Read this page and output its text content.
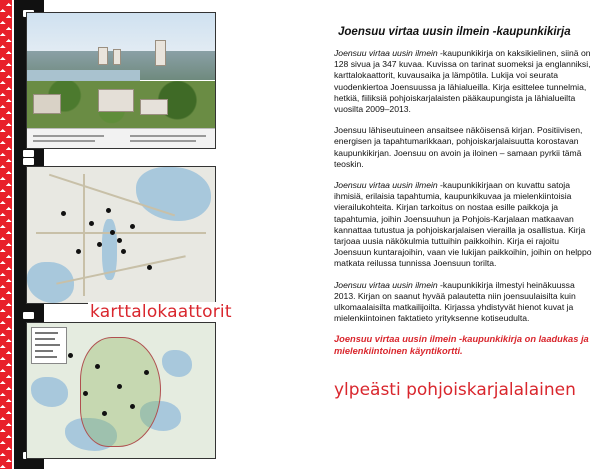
karttalokaattorit
Joensuu virtaa uusin ilmein -kaupunkikirja

Joensuu virtaa uusin ilmein -kaupunkikirja on kaksikielinen, siinä on 128 sivua ja 347 kuvaa. Kuvissa on tarinat suomeksi ja englanniksi, karttalokaattorit, kuvausaika ja lämpötila. Lukija voi seurata vuodenkiertoa Joensuussa ja lähialueilla. Kirja esittelee tunnelmia, hetkiä, fiiliksiä pohjoiskarjalaisten pääkaupungista ja lähialueilta vuosilta 2009–2013.

Joensuu lähiseutuineen ansaitsee näköisensä kirjan. Positiivisen, energisen ja tapahtumarikkaan, pohjoiskarjalaisuutta korostavan kaupunkikirjan. Joensuu on avoin ja iloinen – samaan pyrkii tämä teoskin.

Joensuu virtaa uusin ilmein -kaupunkikirjaan on kuvattu satoja ihmisiä, erilaisia tapahtumia, kaupunkikuvaa ja mielenkiintoisia vierailukohteita. Kirjan tarkoitus on nostaa esille paikkoja ja tapahtumia, joihin Joensuuhun ja Pohjois-Karjalaan matkaavan kannattaa tutustua ja pohjoiskarjalaisen vierailla ja osallistua. Kirja tarjoaa uusia näkökulmia tuttuihin paikkoihin. Kirja ei rajoitu Joensuun kuntarajoihin, vaan vie lukijan paikkoihin, joihin on helppo matkata reilussa tunnissa Joensuun torilta.

Joensuu virtaa uusin ilmein -kaupunkikirja ilmestyi heinäkuussa 2013. Kirjan on saanut hyvää palautetta niin joensuulaisilta kuin ulkomaalaisilta matkailijoilta. Kirjassa yhdistyvät hienot kuvat ja mielenkiintoinen faktatieto yrityksenne kotiseudulta.

Joensuu virtaa uusin ilmein -kaupunkikirja on laadukas ja mielenkiintoinen käyntikortti.

ylpeästi pohjoiskarjalalainen
